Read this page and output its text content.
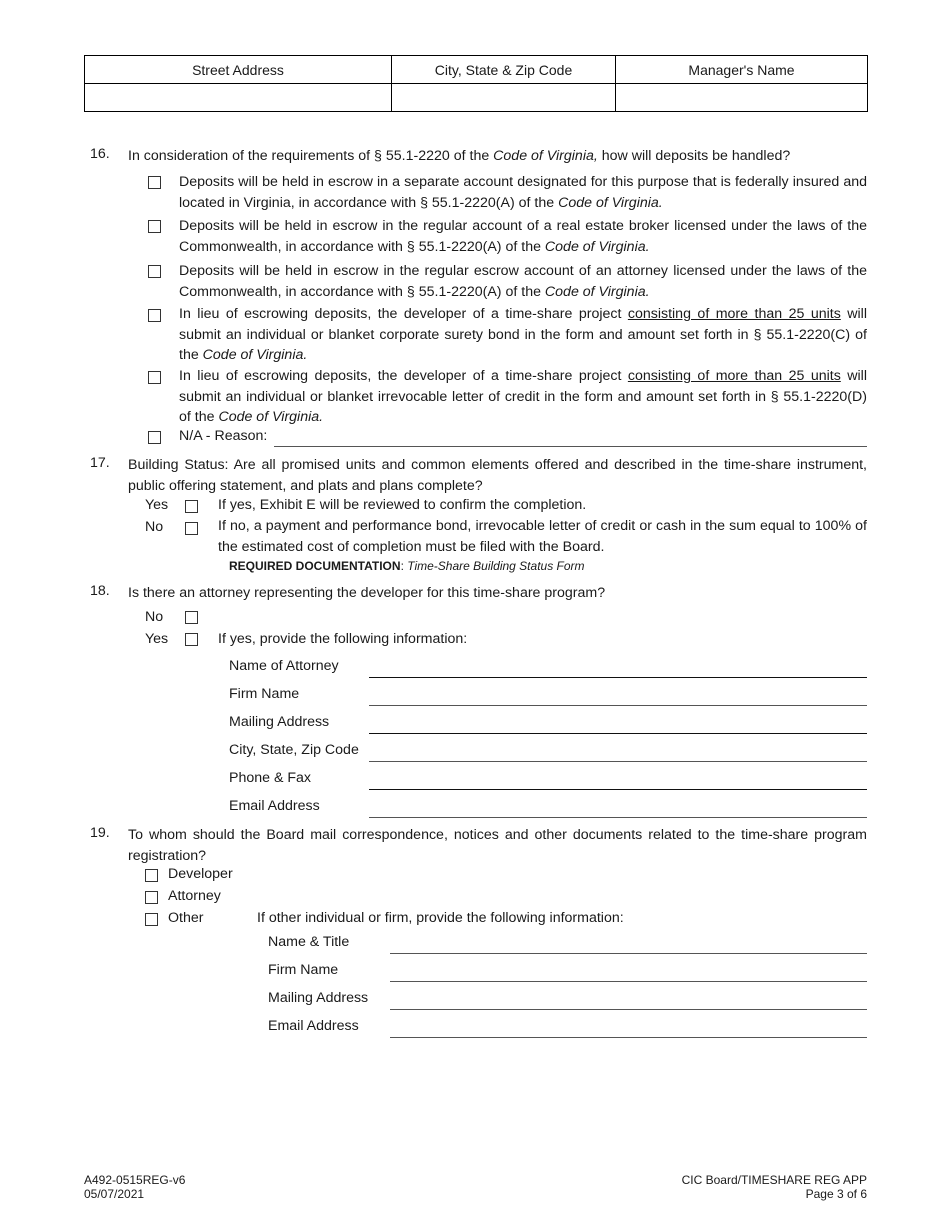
Street Address	City, State & Zip Code	Manager's Name

16. In consideration of the requirements of § 55.1-2220 of the Code of Virginia, how will deposits be handled?
Deposits will be held in escrow in a separate account designated for this purpose that is federally insured and located in Virginia, in accordance with § 55.1-2220(A) of the Code of Virginia.
Deposits will be held in escrow in the regular account of a real estate broker licensed under the laws of the Commonwealth, in accordance with § 55.1-2220(A) of the Code of Virginia.
Deposits will be held in escrow in the regular escrow account of an attorney licensed under the laws of the Commonwealth, in accordance with § 55.1-2220(A) of the Code of Virginia.
In lieu of escrowing deposits, the developer of a time-share project consisting of more than 25 units will submit an individual or blanket corporate surety bond in the form and amount set forth in § 55.1-2220(C) of the Code of Virginia.
In lieu of escrowing deposits, the developer of a time-share project consisting of more than 25 units will submit an individual or blanket irrevocable letter of credit in the form and amount set forth in § 55.1-2220(D) of the Code of Virginia.
N/A - Reason:
17. Building Status: Are all promised units and common elements offered and described in the time-share instrument, public offering statement, and plats and plans complete?
Yes	If yes, Exhibit E will be reviewed to confirm the completion.
No	If no, a payment and performance bond, irrevocable letter of credit or cash in the sum equal to 100% of the estimated cost of completion must be filed with the Board.
REQUIRED DOCUMENTATION: Time-Share Building Status Form
18. Is there an attorney representing the developer for this time-share program?
No
Yes	If yes, provide the following information:
Name of Attorney
Firm Name
Mailing Address
City, State, Zip Code
Phone & Fax
Email Address
19. To whom should the Board mail correspondence, notices and other documents related to the time-share program registration?
Developer
Attorney
Other	If other individual or firm, provide the following information:
Name & Title
Firm Name
Mailing Address
Email Address
A492-0515REG-v6
05/07/2021
CIC Board/TIMESHARE REG APP
Page 3 of 6
